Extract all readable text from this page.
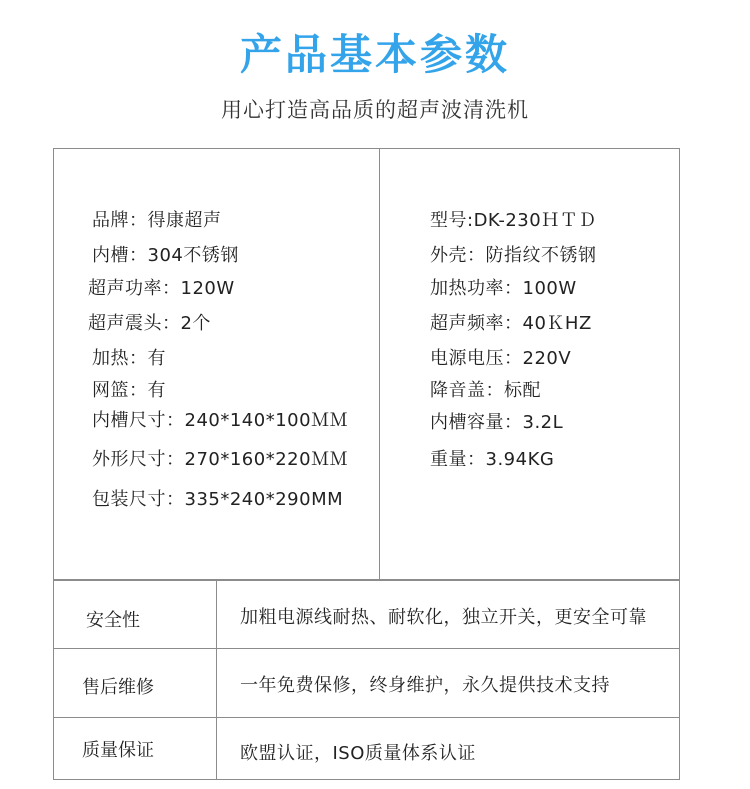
产品基本参数
用心打造高品质的超声波清洗机
品牌：得康超声
内槽：304不锈钢
超声功率：120W
超声震头：2个
加热：有
网篮：有
内槽尺寸：240*140*100ＭＭ
外形尺寸：270*160*220ＭＭ
包装尺寸：335*240*290MM
型号:DK-230ＨＴＤ
外壳：防指纹不锈钢
加热功率：100W
超声频率：40ＫHZ
电源电压：220V
降音盖：标配
内槽容量：3.2L
重量：3.94KG
安全性	加粗电源线耐热、耐软化，独立开关，更安全可靠
售后维修	一年免费保修，终身维护，永久提供技术支持
质量保证	欧盟认证，ISO质量体系认证
